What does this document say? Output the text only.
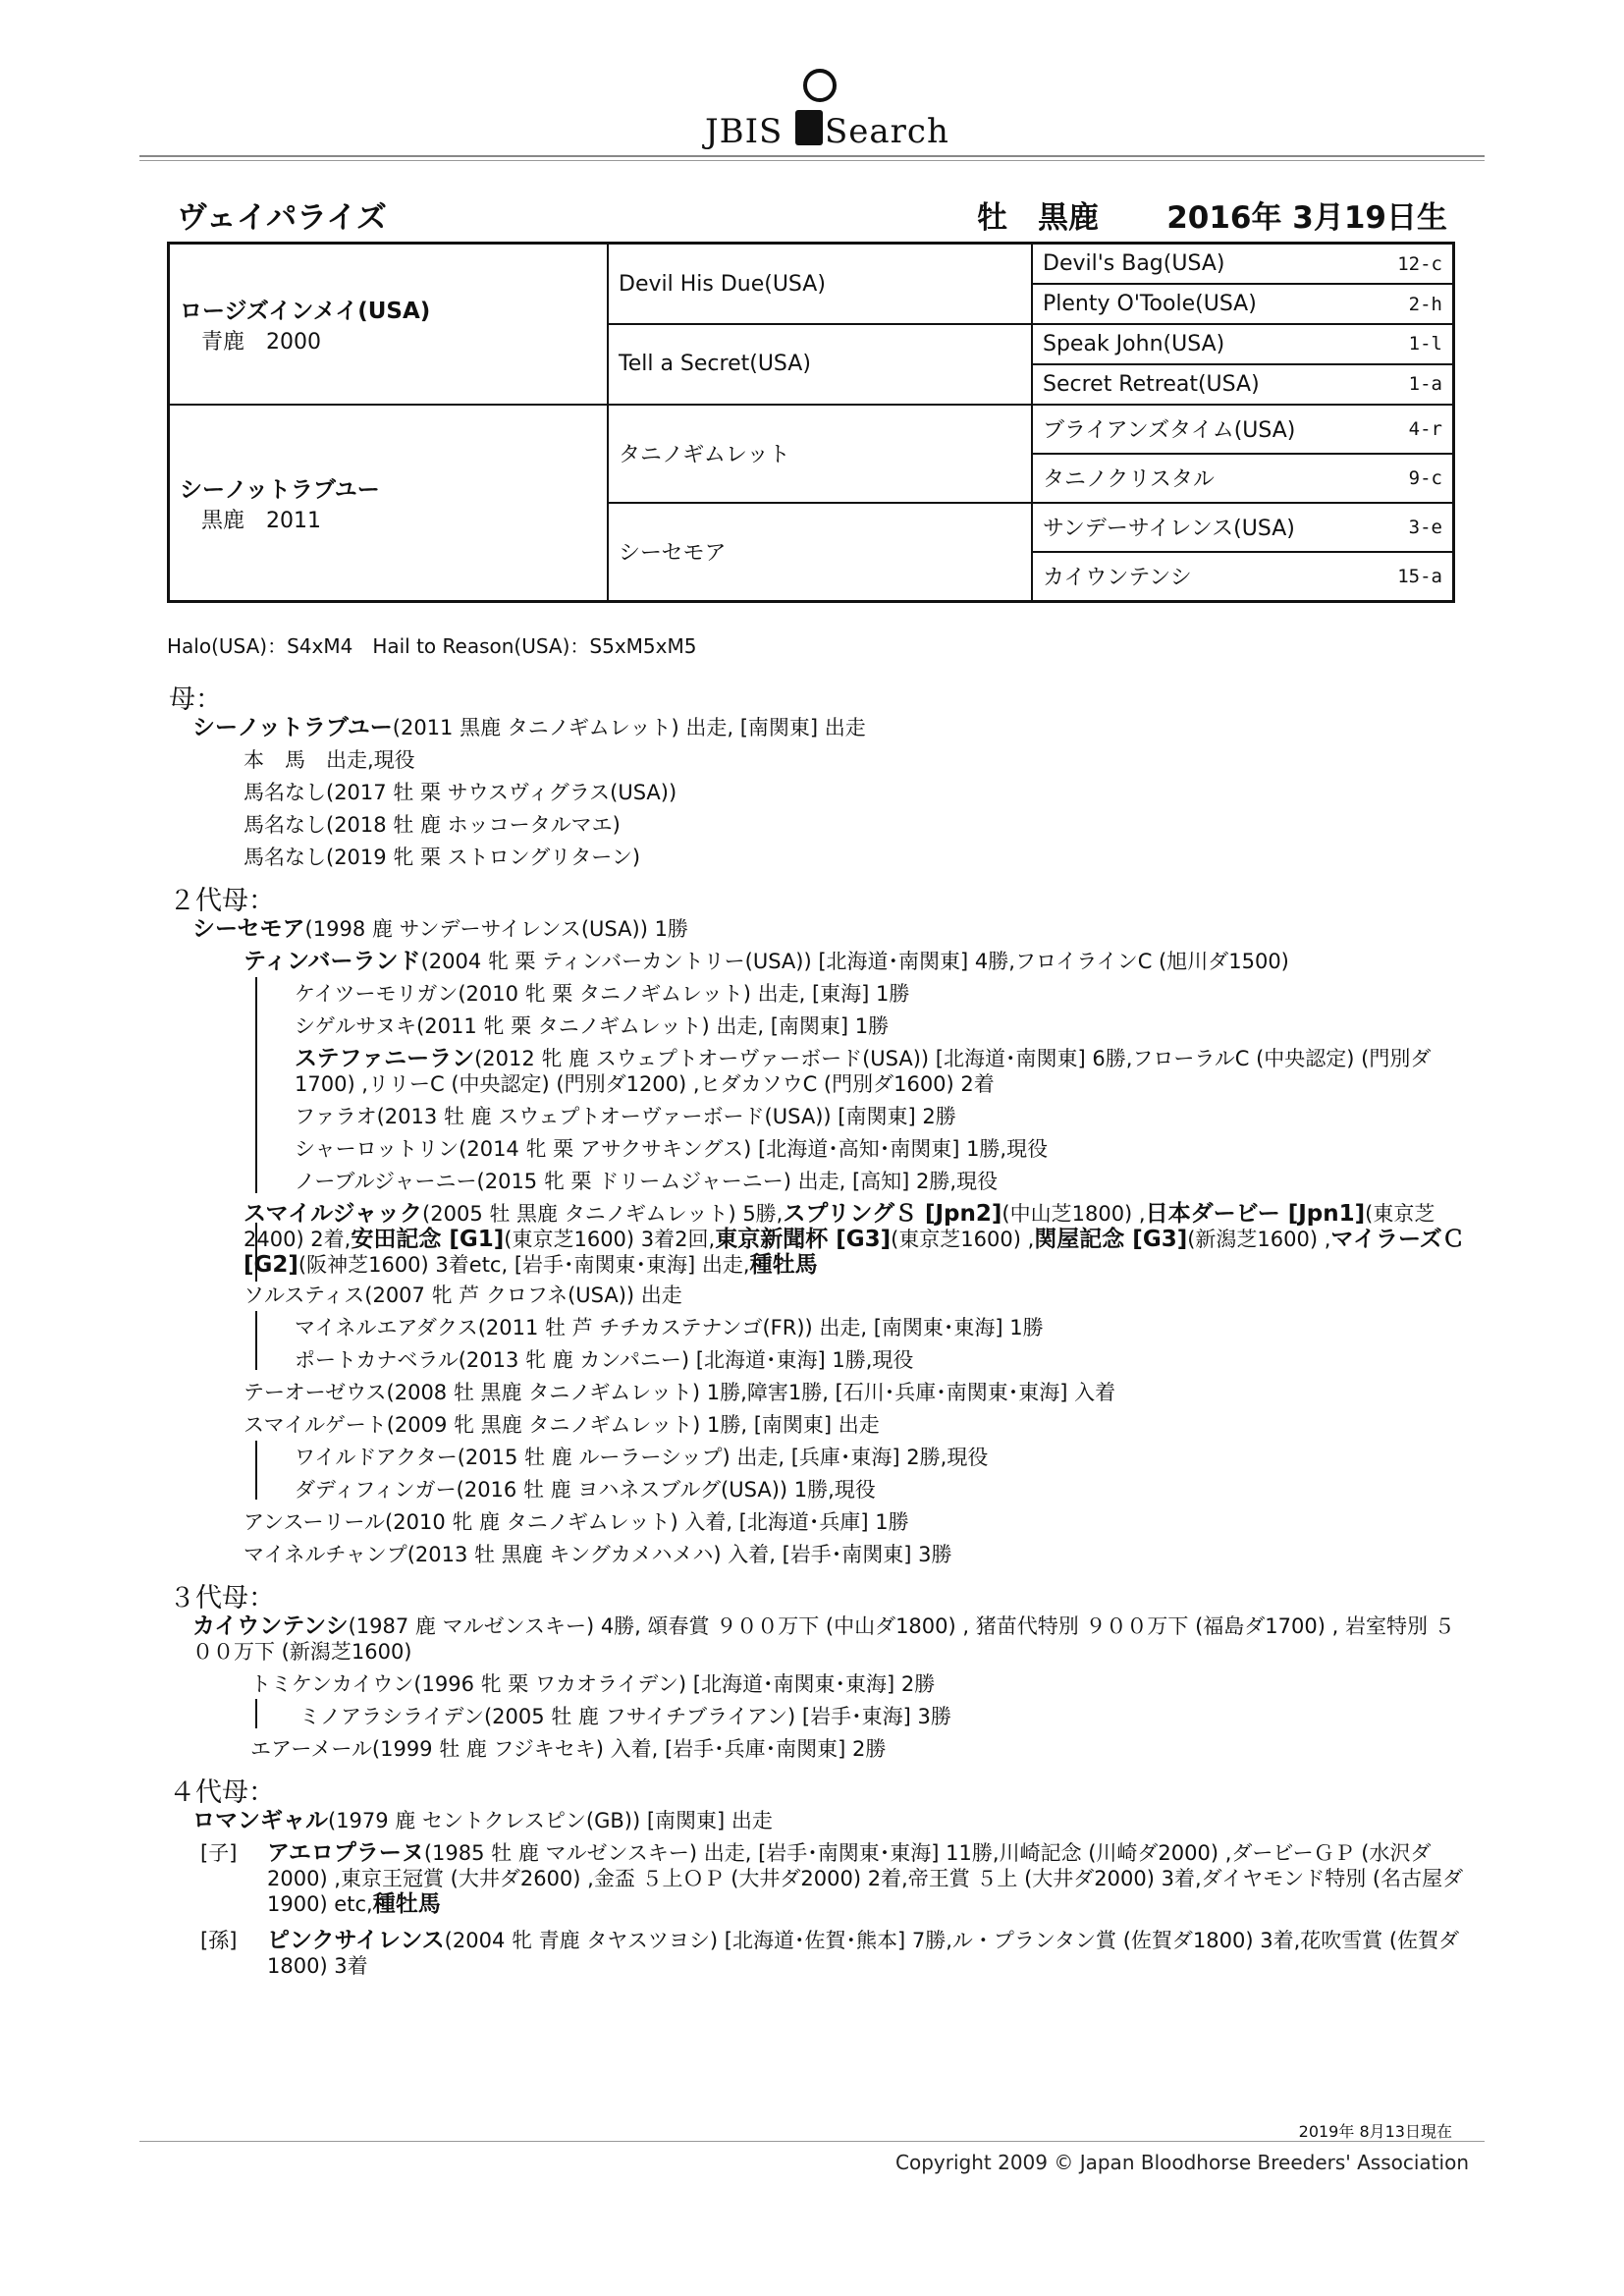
JBIS Search
ヴェイパライズ	牡　黒鹿 2016年 3月19日生
ロージズインメイ(USA)
青鹿　2000	Devil His Due(USA)	Devil's Bag(USA) 12-c

		Plenty O'Toole(USA) 2-h

	Tell a Secret(USA)	Speak John(USA) 1-l

		Secret Retreat(USA) 1-a

シーノットラブユー
黒鹿　2011	タニノギムレット	ブライアンズタイム(USA) 4-r

		タニノクリスタル 9-c

	シーセモア	サンデーサイレンス(USA) 3-e

		カイウンテンシ 15-a
Halo(USA)：S4xM4　Hail to Reason(USA)：S5xM5xM5
母：
シーノットラブユー(2011 黒鹿 タニノギムレット) 出走, [南関東] 出走
本　馬　出走,現役
馬名なし(2017 牡 栗 サウスヴィグラス(USA))
馬名なし(2018 牡 鹿 ホッコータルマエ)
馬名なし(2019 牝 栗 ストロングリターン)
２代母：
シーセモア(1998 鹿 サンデーサイレンス(USA)) 1勝
ティンバーランド(2004 牝 栗 ティンバーカントリー(USA)) [北海道･南関東] 4勝,フロイラインC (旭川ダ1500)
ケイツーモリガン(2010 牝 栗 タニノギムレット) 出走, [東海] 1勝
シゲルサヌキ(2011 牝 栗 タニノギムレット) 出走, [南関東] 1勝
ステファニーラン(2012 牝 鹿 スウェプトオーヴァーボード(USA)) [北海道･南関東] 6勝,フローラルC (中央認定) (門別ダ1700) ,リリーC (中央認定) (門別ダ1200) ,ヒダカソウC (門別ダ1600) 2着
ファラオ(2013 牡 鹿 スウェプトオーヴァーボード(USA)) [南関東] 2勝
シャーロットリン(2014 牝 栗 アサクサキングス) [北海道･高知･南関東] 1勝,現役
ノーブルジャーニー(2015 牝 栗 ドリームジャーニー) 出走, [高知] 2勝,現役
スマイルジャック(2005 牡 黒鹿 タニノギムレット) 5勝,スプリングＳ [Jpn2](中山芝1800) ,日本ダービー [Jpn1](東京芝2400) 2着,安田記念 [G1](東京芝1600) 3着2回,東京新聞杯 [G3](東京芝1600) ,関屋記念 [G3](新潟芝1600) ,マイラーズＣ [G2](阪神芝1600) 3着etc, [岩手･南関東･東海] 出走,種牡馬
ソルスティス(2007 牝 芦 クロフネ(USA)) 出走
マイネルエアダクス(2011 牡 芦 チチカステナンゴ(FR)) 出走, [南関東･東海] 1勝
ポートカナベラル(2013 牝 鹿 カンパニー) [北海道･東海] 1勝,現役
テーオーゼウス(2008 牡 黒鹿 タニノギムレット) 1勝,障害1勝, [石川･兵庫･南関東･東海] 入着
スマイルゲート(2009 牝 黒鹿 タニノギムレット) 1勝, [南関東] 出走
ワイルドアクター(2015 牡 鹿 ルーラーシップ) 出走, [兵庫･東海] 2勝,現役
ダディフィンガー(2016 牡 鹿 ヨハネスブルグ(USA)) 1勝,現役
アンスーリール(2010 牝 鹿 タニノギムレット) 入着, [北海道･兵庫] 1勝
マイネルチャンプ(2013 牡 黒鹿 キングカメハメハ) 入着, [岩手･南関東] 3勝
３代母：
カイウンテンシ(1987 鹿 マルゼンスキー) 4勝, 頌春賞 ９００万下 (中山ダ1800) , 猪苗代特別 ９００万下 (福島ダ1700) , 岩室特別 ５００万下 (新潟芝1600)
トミケンカイウン(1996 牝 栗 ワカオライデン) [北海道･南関東･東海] 2勝
ミノアラシライデン(2005 牡 鹿 フサイチブライアン) [岩手･東海] 3勝
エアーメール(1999 牡 鹿 フジキセキ) 入着, [岩手･兵庫･南関東] 2勝
４代母：
ロマンギャル(1979 鹿 セントクレスピン(GB)) [南関東] 出走
[子] アエロプラーヌ(1985 牡 鹿 マルゼンスキー) 出走, [岩手･南関東･東海] 11勝,川崎記念 (川崎ダ2000) ,ダービーＧＰ (水沢ダ2000) ,東京王冠賞 (大井ダ2600) ,金盃 ５上ＯＰ (大井ダ2000) 2着,帝王賞 ５上 (大井ダ2000) 3着,ダイヤモンド特別 (名古屋ダ1900) etc,種牡馬
[孫] ピンクサイレンス(2004 牝 青鹿 タヤスツヨシ) [北海道･佐賀･熊本] 7勝,ル・プランタン賞 (佐賀ダ1800) 3着,花吹雪賞 (佐賀ダ1800) 3着
2019年 8月13日現在
Copyright 2009 © Japan Bloodhorse Breeders' Association
